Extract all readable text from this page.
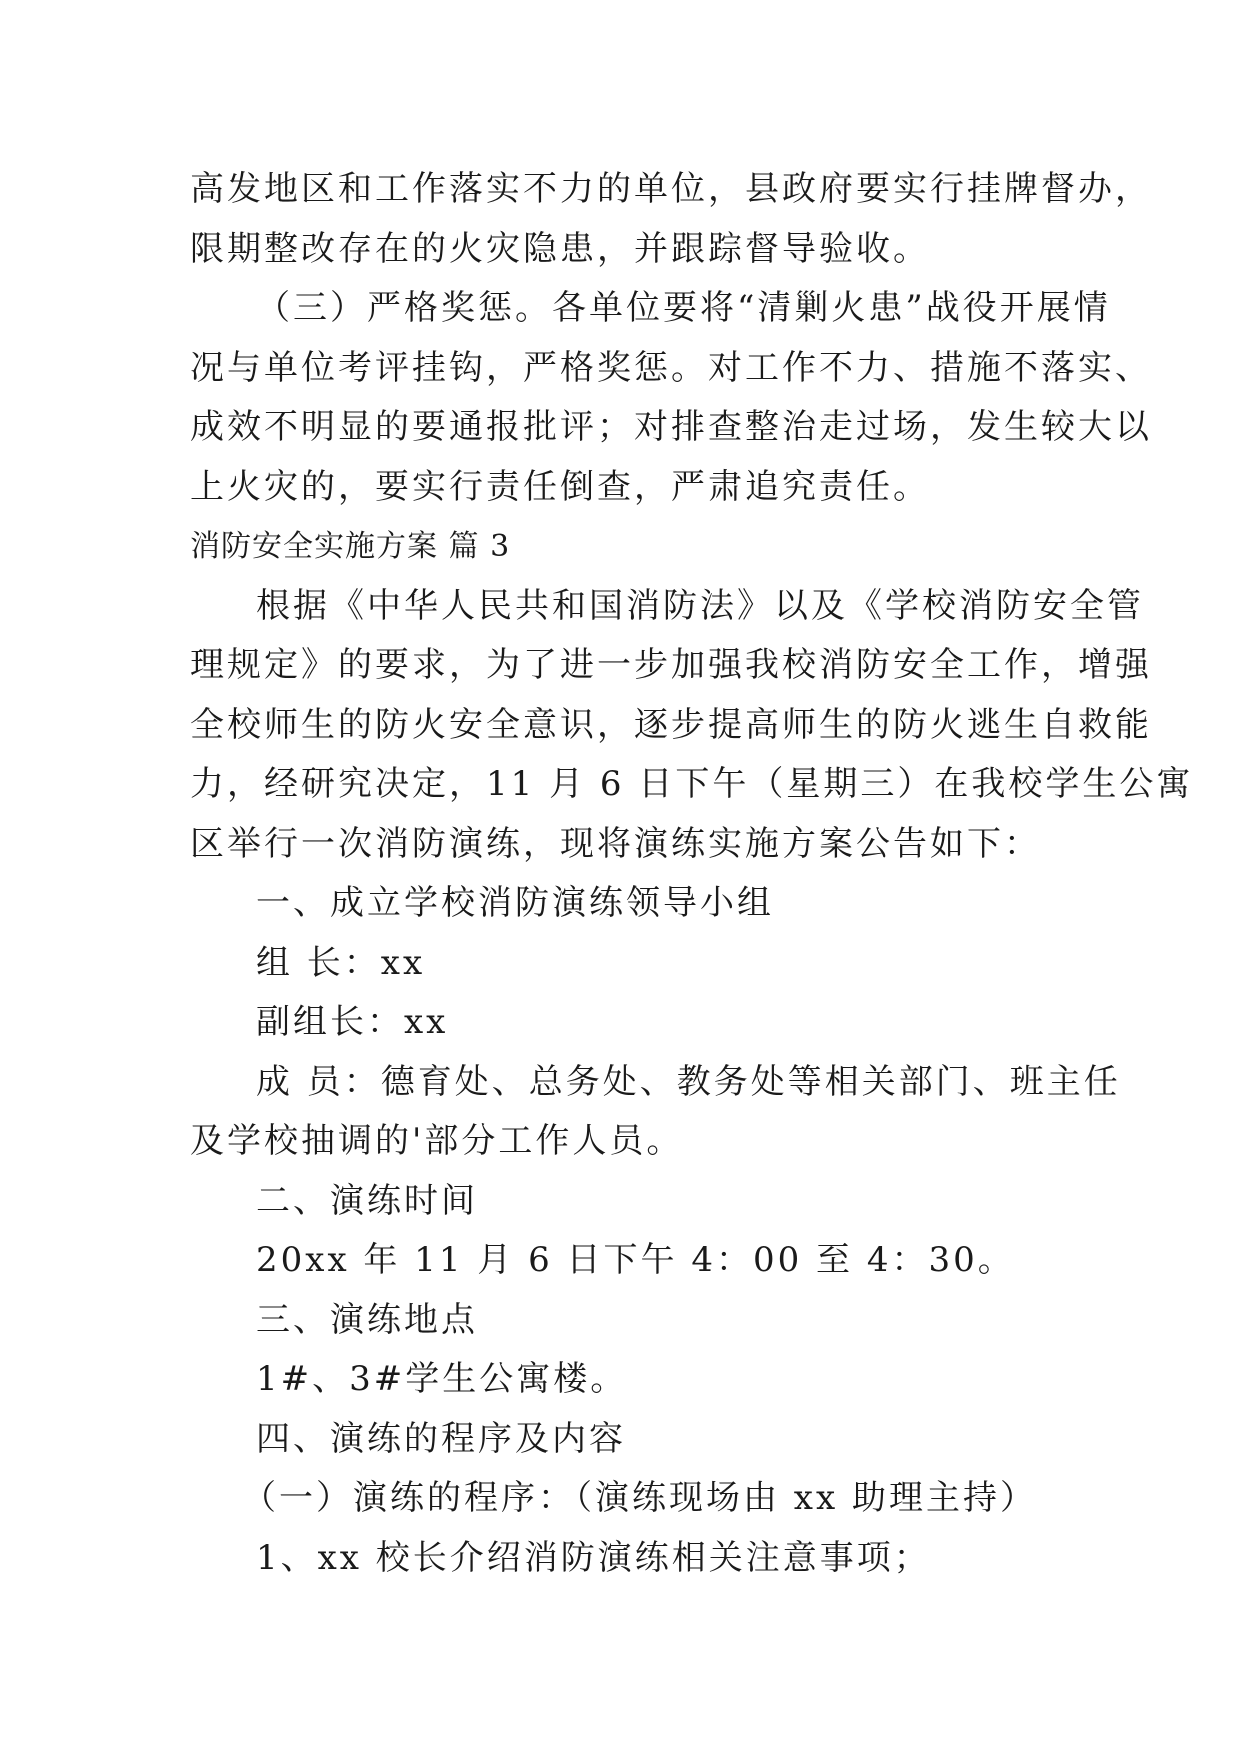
高发地区和工作落实不力的单位，县政府要实行挂牌督办，
限期整改存在的火灾隐患，并跟踪督导验收。
（三）严格奖惩。各单位要将“清剿火患”战役开展情
况与单位考评挂钩，严格奖惩。对工作不力、措施不落实、
成效不明显的要通报批评；对排查整治走过场，发生较大以
上火灾的，要实行责任倒查，严肃追究责任。
消防安全实施方案 篇 3
根据《中华人民共和国消防法》以及《学校消防安全管
理规定》的要求，为了进一步加强我校消防安全工作，增强
全校师生的防火安全意识，逐步提高师生的防火逃生自救能
力，经研究决定，11 月 6 日下午（星期三）在我校学生公寓
区举行一次消防演练，现将演练实施方案公告如下：
一、成立学校消防演练领导小组
组 长：xx
副组长：xx
成 员：德育处、总务处、教务处等相关部门、班主任
及学校抽调的'部分工作人员。
二、演练时间
20xx 年 11 月 6 日下午 4：00 至 4：30。
三、演练地点
1#、3#学生公寓楼。
四、演练的程序及内容
（一）演练的程序：（演练现场由 xx 助理主持）
1、xx 校长介绍消防演练相关注意事项；
